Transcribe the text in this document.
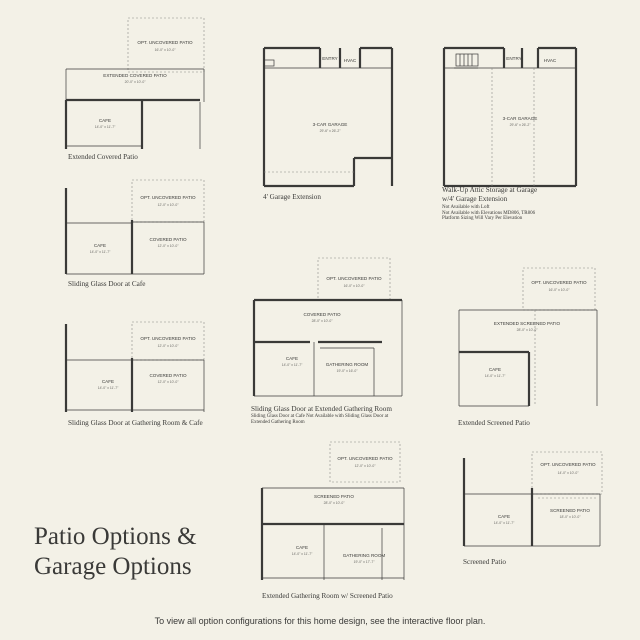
OPT. UNCOVERED PATIO
16'-0" x 10'-0"
EXTENDED COVERED PATIO
20'-0" x 10'-0"
CAFE
14'-0" x 11'-7"
Extended Covered Patio
OPT. UNCOVERED PATIO
12'-0" x 10'-0"
CAFE
14'-0" x 11'-7"
COVERED PATIO
12'-0" x 10'-0"
Sliding Glass Door at Cafe
OPT. UNCOVERED PATIO
12'-0" x 10'-0"
CAFE
14'-0" x 11'-7"
COVERED PATIO
12'-0" x 10'-0"
Sliding Glass Door at Gathering Room & Cafe
ENTRY HVAC
3-CAR GARAGE
29'-6" x 26'-2"
4' Garage Extension
ENTRY	HVAC
3-CAR GARAGE
29'-6" x 26'-2"
Walk-Up Attic Storage at Garage
w/4' Garage Extension
Not Available with Loft
Not Available with Elevations MD806, TR806
Platform Sizing Will Vary Per Elevation
OPT. UNCOVERED PATIO
16'-0" x 10'-0"
COVERED PATIO
28'-0" x 10'-0"
CAFE
14'-0" x 11'-7"	GATHERING ROOM
19'-0" x 16'-0"
Sliding Glass Door at Extended Gathering Room
Sliding Glass Door at Cafe Not Available with Sliding Glass Door at
Extended Gathering Room
OPT. UNCOVERED PATIO
16'-0" x 10'-0"
EXTENDED SCREENED PATIO
28'-0" x 10'-0"
CAFE
14'-0" x 11'-7"
Extended Screened Patio
OPT. UNCOVERED PATIO
12'-0" x 10'-0"
SCREENED PATIO
28'-0" x 10'-0"
CAFE
14'-0" x 11'-7"	GATHERING ROOM
19'-0" x 17'-7"
Extended Gathering Room w/ Screened Patio
OPT. UNCOVERED PATIO
14'-0" x 10'-0"
CAFE
14'-0" x 11'-7"
SCREENED PATIO
18'-0" x 10'-0"
Screened Patio
Patio Options &
Garage Options
To view all option configurations for this home design, see the interactive floor plan.
